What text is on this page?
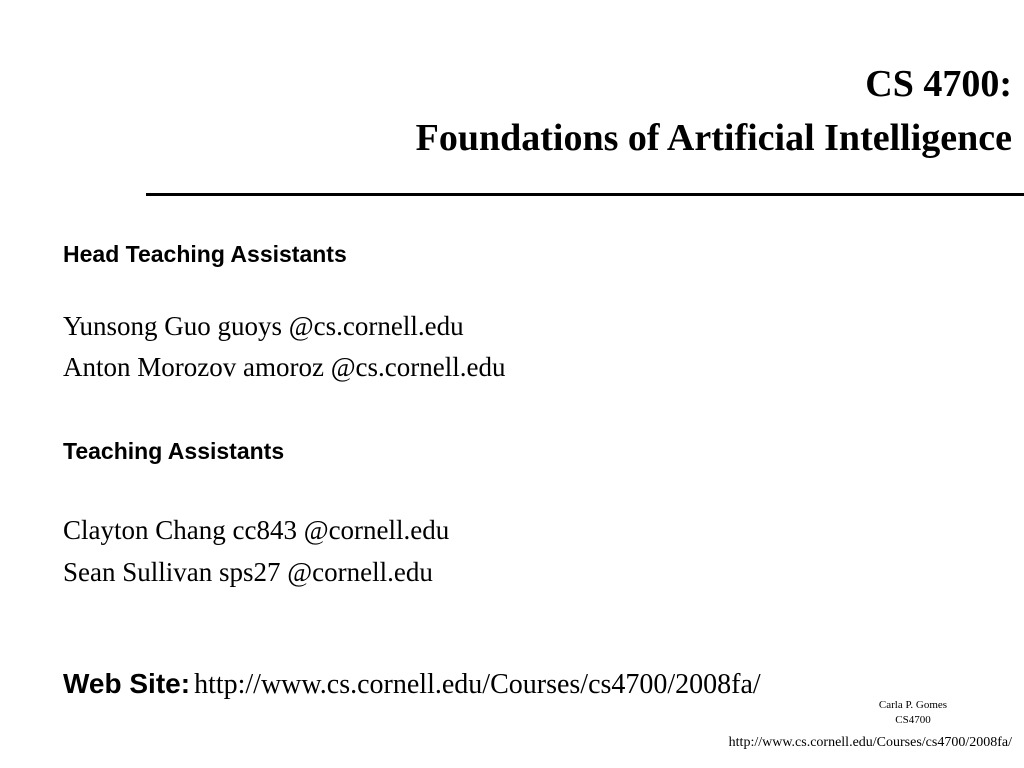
CS 4700:
Foundations of Artificial Intelligence
Head Teaching Assistants
Yunsong Guo guoys @cs.cornell.edu
Anton Morozov amoroz @cs.cornell.edu
Teaching Assistants
Clayton Chang cc843 @cornell.edu
Sean Sullivan sps27 @cornell.edu
Web Site: http://www.cs.cornell.edu/Courses/cs4700/2008fa/
Carla P. Gomes
CS4700
http://www.cs.cornell.edu/Courses/cs4700/2008fa/
